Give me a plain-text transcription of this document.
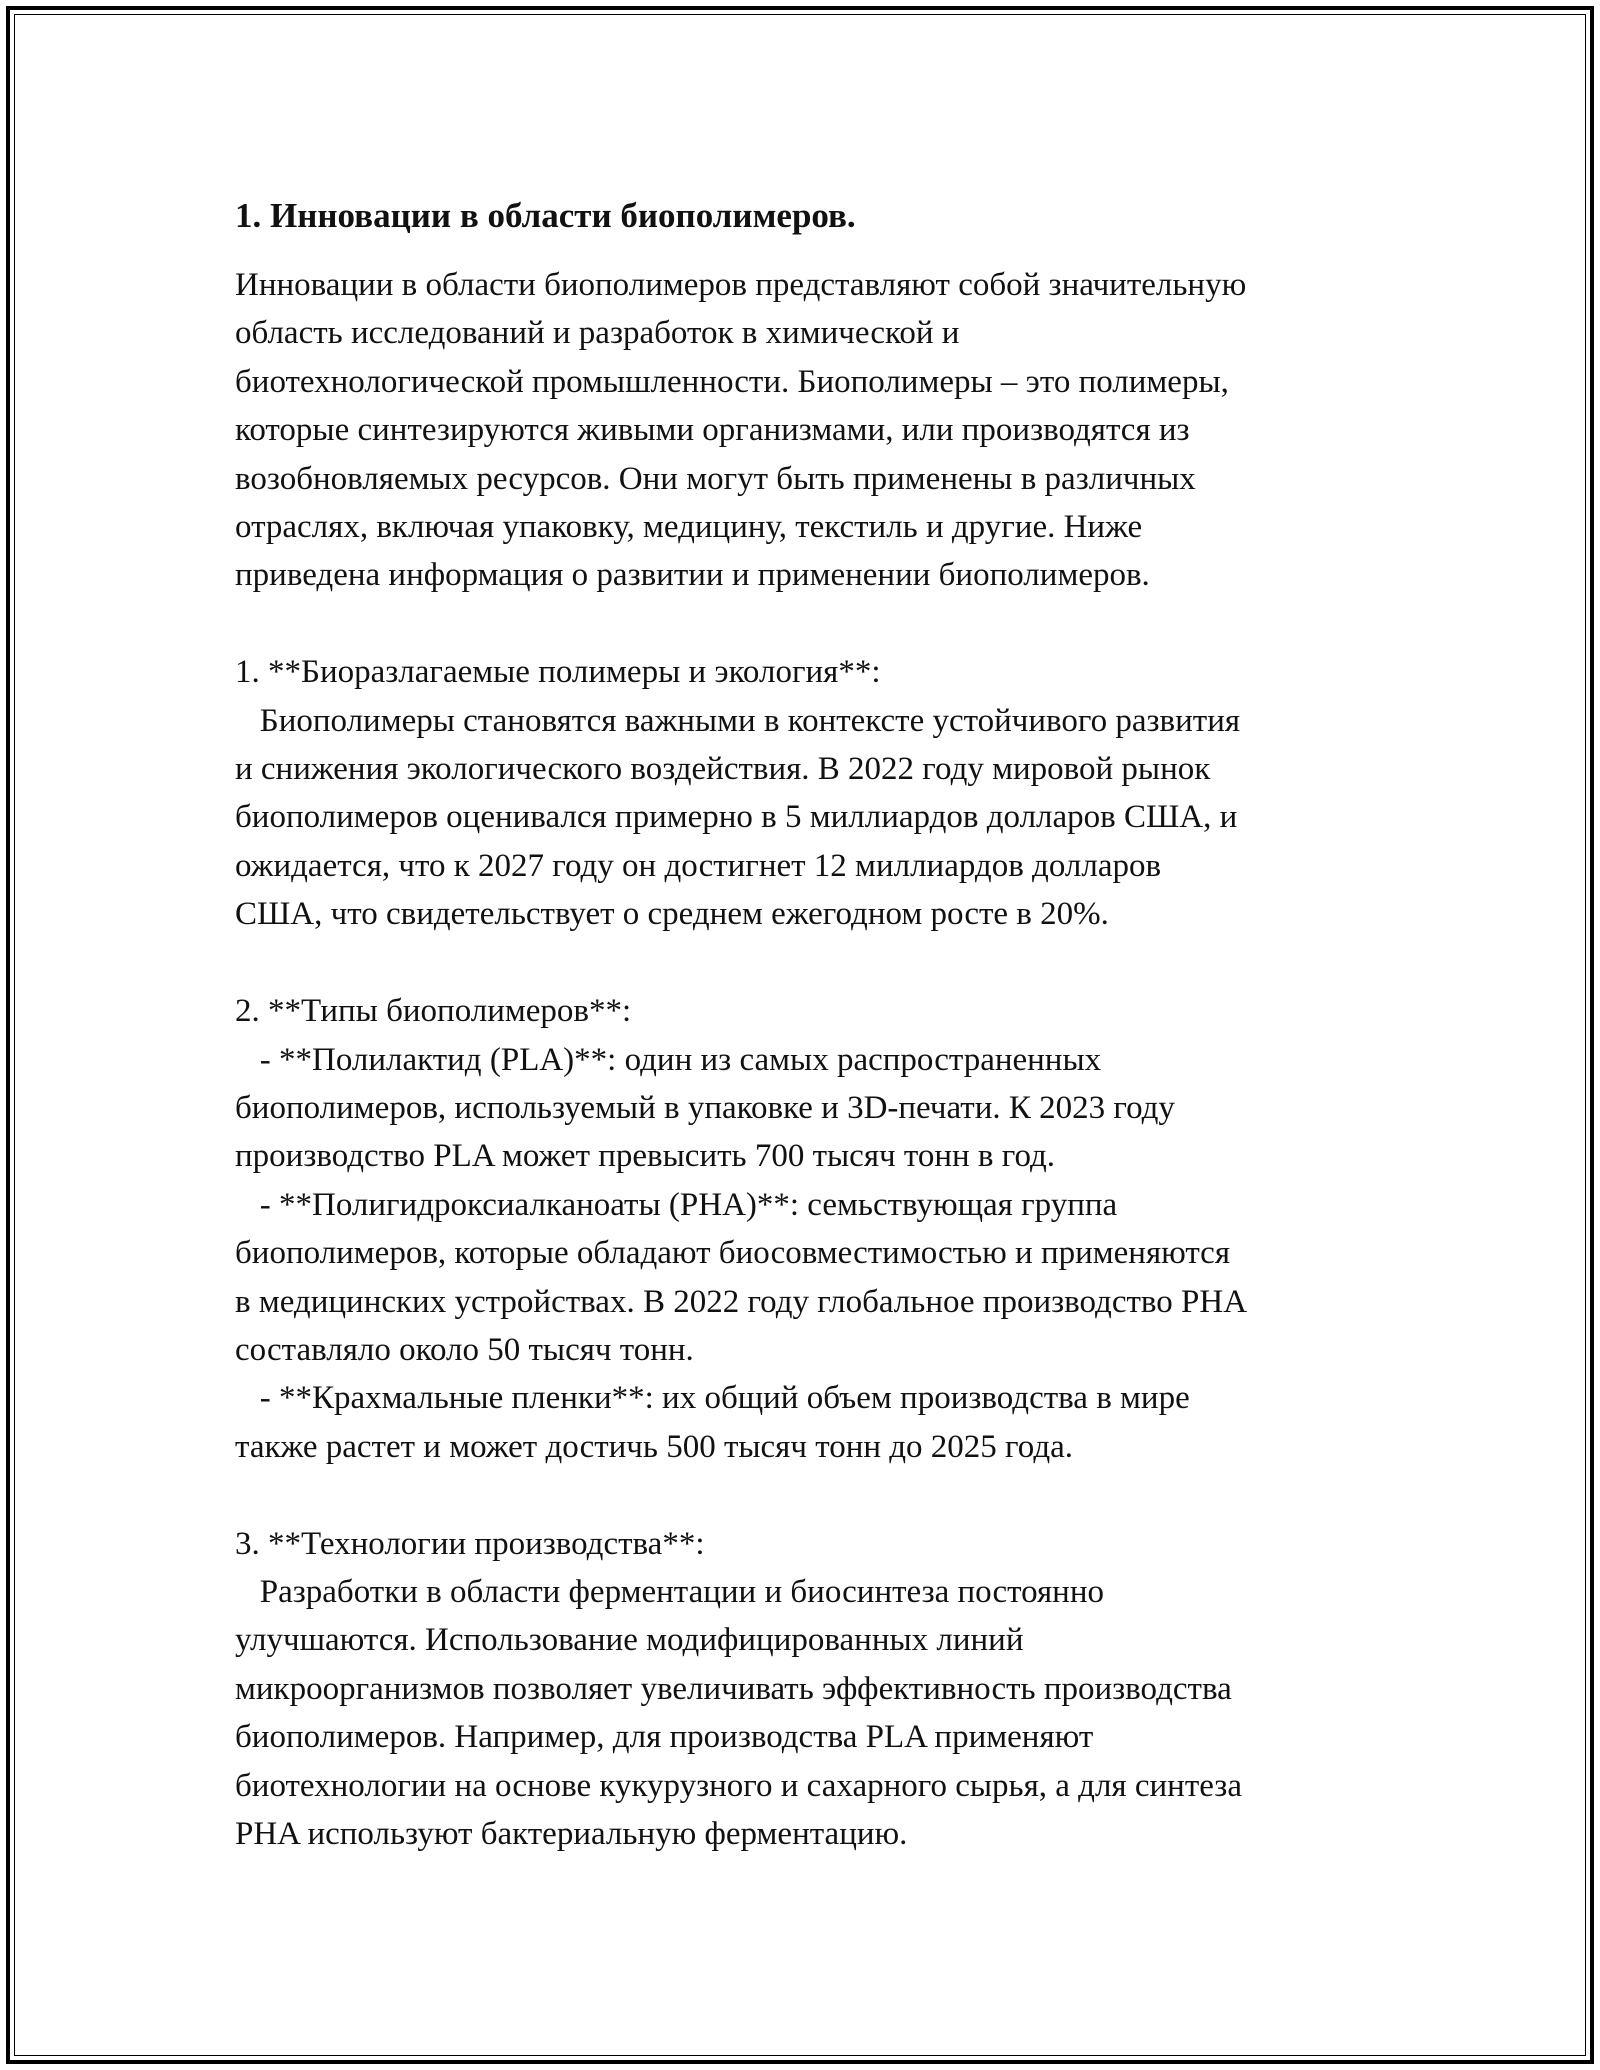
1. Инновации в области биополимеров.
Инновации в области биополимеров представляют собой значительную
область исследований и разработок в химической и
биотехнологической промышленности. Биополимеры – это полимеры,
которые синтезируются живыми организмами, или производятся из
возобновляемых ресурсов. Они могут быть применены в различных
отраслях, включая упаковку, медицину, текстиль и другие. Ниже
приведена информация о развитии и применении биополимеров.

1. **Биоразлагаемые полимеры и экология**:
Биополимеры становятся важными в контексте устойчивого развития
и снижения экологического воздействия. В 2022 году мировой рынок
биополимеров оценивался примерно в 5 миллиардов долларов США, и
ожидается, что к 2027 году он достигнет 12 миллиардов долларов
США, что свидетельствует о среднем ежегодном росте в 20%.

2. **Типы биополимеров**:
- **Полилактид (PLA)**: один из самых распространенных
биополимеров, используемый в упаковке и 3D-печати. К 2023 году
производство PLA может превысить 700 тысяч тонн в год.
- **Полигидроксиалканоаты (PHA)**: семьствующая группа
биополимеров, которые обладают биосовместимостью и применяются
в медицинских устройствах. В 2022 году глобальное производство PHA
составляло около 50 тысяч тонн.
- **Крахмальные пленки**: их общий объем производства в мире
также растет и может достичь 500 тысяч тонн до 2025 года.

3. **Технологии производства**:
Разработки в области ферментации и биосинтеза постоянно
улучшаются. Использование модифицированных линий
микроорганизмов позволяет увеличивать эффективность производства
биополимеров. Например, для производства PLA применяют
биотехнологии на основе кукурузного и сахарного сырья, а для синтеза
PHA используют бактериальную ферментацию.
